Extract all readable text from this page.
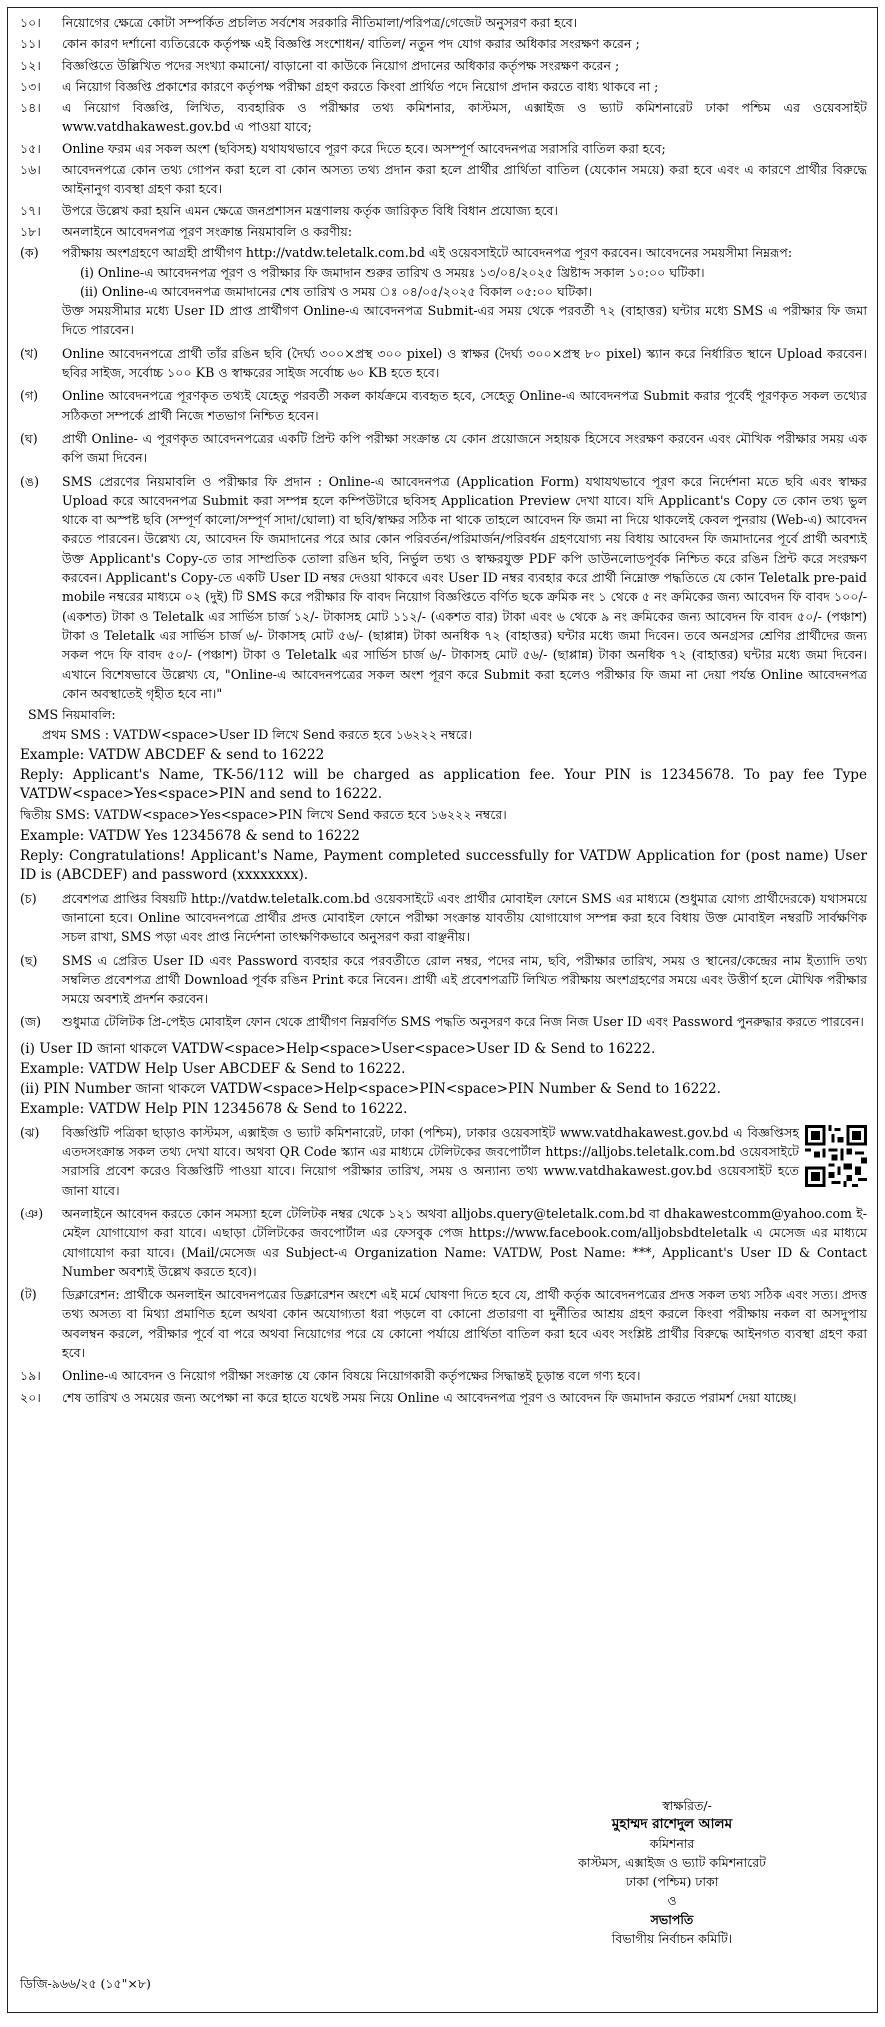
১০।	নিয়োগের ক্ষেত্রে কোটা সম্পর্কিত প্রচলিত সর্বশেষ সরকারি নীতিমালা/পরিপত্র/গেজেট অনুসরণ করা হবে।
১১।	কোন কারণ দর্শানো ব্যতিরেকে কর্তৃপক্ষ এই বিজ্ঞপ্তি সংশোধন/ বাতিল/ নতুন পদ যোগ করার অধিকার সংরক্ষণ করেন ;
১২।	বিজ্ঞপ্তিতে উল্লিখিত পদের সংখ্যা কমানো/ বাড়ানো বা কাউকে নিয়োগ প্রদানের অধিকার কর্তৃপক্ষ সংরক্ষণ করেন ;
১৩।	এ নিয়োগ বিজ্ঞপ্তি প্রকাশের কারণে কর্তৃপক্ষ পরীক্ষা গ্রহণ করতে কিংবা প্রার্থিত পদে নিয়োগ প্রদান করতে বাধ্য থাকবে না ;
১৪।	এ নিয়োগ বিজ্ঞপ্তি, লিখিত, ব্যবহারিক ও পরীক্ষার তথ্য কমিশনার, কাস্টমস, এক্সাইজ ও ভ্যাট কমিশনারেট ঢাকা পশ্চিম এর ওয়েবসাইট www.vatdhakawest.gov.bd এ পাওয়া যাবে;
১৫।	Online ফরম এর সকল অংশ (ছবিসহ) যথাযথভাবে পূরণ করে দিতে হবে। অসম্পূর্ণ আবেদনপত্র সরাসরি বাতিল করা হবে;
১৬।	আবেদনপত্রে কোন তথ্য গোপন করা হলে বা কোন অসত্য তথ্য প্রদান করা হলে প্রার্থীর প্রার্থিতা বাতিল (যেকোন সময়ে) করা হবে এবং এ কারণে প্রার্থীর বিরুদ্ধে আইনানুগ ব্যবস্থা গ্রহণ করা হবে।
১৭।	উপরে উল্লেখ করা হয়নি এমন ক্ষেত্রে জনপ্রশাসন মন্ত্রণালয় কর্তৃক জারিকৃত বিধি বিধান প্রযোজ্য হবে।
১৮।	অনলাইনে আবেদনপত্র পূরণ সংক্রান্ত নিয়মাবলি ও করণীয়:
(ক)	পরীক্ষায় অংশগ্রহণে আগ্রহী প্রার্থীগণ http://vatdw.teletalk.com.bd এই ওয়েবসাইটে আবেদনপত্র পূরণ করবেন। আবেদনের সময়সীমা নিম্নরূপ:
(i) Online-এ আবেদনপত্র পূরণ ও পরীক্ষার ফি জমাদান শুরুর তারিখ ও সময়ঃ ১৩/০৪/২০২৫ খ্রিষ্টাব্দ সকাল ১০:০০ ঘটিকা।
(ii) Online-এ আবেদনপত্র জমাদানের শেষ তারিখ ও সময় ঃ ০৪/০৫/২০২৫ বিকাল ০৫:০০ ঘটিকা।
উক্ত সময়সীমার মধ্যে User ID প্রাপ্ত প্রার্থীগণ Online-এ আবেদনপত্র Submit-এর সময় থেকে পরবর্তী ৭২ (বাহাত্তর) ঘন্টার মধ্যে SMS এ পরীক্ষার ফি জমা দিতে পারবেন।
(খ)	Online আবেদনপত্রে প্রার্থী তাঁর রঙিন ছবি (দৈর্ঘ্য ৩০০×প্রস্থ ৩০০ pixel) ও স্বাক্ষর (দৈর্ঘ্য ৩০০×প্রস্থ ৮০ pixel) স্ক্যান করে নির্ধারিত স্থানে Upload করবেন। ছবির সাইজ, সর্বোচ্চ ১০০ KB ও স্বাক্ষরের সাইজ সর্বোচ্চ ৬০ KB হতে হবে।
(গ)	Online আবেদনপত্রে পূরণকৃত তথ্যই যেহেতু পরবর্তী সকল কার্যক্রমে ব্যবহৃত হবে, সেহেতু Online-এ আবেদনপত্র Submit করার পূর্বেই পূরণকৃত সকল তথ্যের সঠিকতা সম্পর্কে প্রার্থী নিজে শতভাগ নিশ্চিত হবেন।
(ঘ)	প্রার্থী Online- এ পূরণকৃত আবেদনপত্রের একটি প্রিন্ট কপি পরীক্ষা সংক্রান্ত যে কোন প্রয়োজনে সহায়ক হিসেবে সংরক্ষণ করবেন এবং মৌখিক পরীক্ষার সময় এক কপি জমা দিবেন।
(ঙ)	SMS প্রেরণের নিয়মাবলি ও পরীক্ষার ফি প্রদান : Online-এ আবেদনপত্র (Application Form) যথাযথভাবে পূরণ করে নির্দেশনা মতে ছবি এবং স্বাক্ষর Upload করে আবেদনপত্র Submit করা সম্পন্ন হলে কম্পিউটারে ছবিসহ Application Preview দেখা যাবে। যদি Applicant's Copy তে কোন তথ্য ভুল থাকে বা অস্পষ্ট ছবি (সম্পূর্ণ কালো/সম্পূর্ণ সাদা/ঘোলা) বা ছবি/স্বাক্ষর সঠিক না থাকে তাহলে আবেদন ফি জমা না দিয়ে থাকলেই কেবল পুনরায় (Web-এ) আবেদন করতে পারবেন। উল্লেখ্য যে, আবেদন ফি জমাদানের পরে আর কোন পরিবর্তন/পরিমার্জন/পরিবর্ধন গ্রহণযোগ্য নয় বিধায় আবেদন ফি জমাদানের পূর্বে প্রার্থী অবশ্যই উক্ত Applicant's Copy-তে তার সাম্প্রতিক তোলা রঙিন ছবি, নির্ভুল তথ্য ও স্বাক্ষরযুক্ত PDF কপি ডাউনলোডপূর্বক নিশ্চিত করে রঙিন প্রিন্ট করে সংরক্ষণ করবেন। Applicant's Copy-তে একটি User ID নম্বর দেওয়া থাকবে এবং User ID নম্বর ব্যবহার করে প্রার্থী নিম্নোক্ত পদ্ধতিতে যে কোন Teletalk pre-paid mobile নম্বরের মাধ্যমে ০২ (দুই) টি SMS করে পরীক্ষার ফি বাবদ নিয়োগ বিজ্ঞপ্তিতে বর্ণিত ছকে ক্রমিক নং ১ থেকে ৫ নং ক্রমিকের জন্য আবেদন ফি বাবদ ১০০/- (একশত) টাকা ও Teletalk এর সার্ভিস চার্জ ১২/- টাকাসহ মোট ১১২/- (একশত বার) টাকা এবং ৬ থেকে ৯ নং ক্রমিকের জন্য আবেদন ফি বাবদ ৫০/- (পঞ্চাশ) টাকা ও Teletalk এর সার্ভিস চার্জ ৬/- টাকাসহ মোট ৫৬/- (ছাপ্পান্ন) টাকা অনধিক ৭২ (বাহাত্তর) ঘন্টার মধ্যে জমা দিবেন। তবে অনগ্রসর শ্রেণির প্রার্থীদের জন্য সকল পদে ফি বাবদ ৫০/- (পঞ্চাশ) টাকা ও Teletalk এর সার্ভিস চার্জ ৬/- টাকাসহ মোট ৫৬/- (ছাপ্পান্ন) টাকা অনধিক ৭২ (বাহাত্তর) ঘন্টার মধ্যে জমা দিবেন। এখানে বিশেষভাবে উল্লেখ্য যে, "Online-এ আবেদনপত্রের সকল অংশ পূরণ করে Submit করা হলেও পরীক্ষার ফি জমা না দেয়া পর্যন্ত Online আবেদনপত্র কোন অবস্থাতেই গৃহীত হবে না।"
SMS নিয়মাবলি:
প্রথম SMS : VATDW<space>User ID লিখে Send করতে হবে ১৬২২২ নম্বরে।
Example: VATDW ABCDEF & send to 16222
Reply: Applicant's Name, TK-56/112 will be charged as application fee. Your PIN is 12345678. To pay fee Type VATDW<space>Yes<space>PIN and send to 16222.
দ্বিতীয় SMS: VATDW<space>Yes<space>PIN লিখে Send করতে হবে ১৬২২২ নম্বরে।
Example: VATDW Yes 12345678 & send to 16222
Reply: Congratulations! Applicant's Name, Payment completed successfully for VATDW Application for (post name) User ID is (ABCDEF) and password (xxxxxxxx).
(চ)	প্রবেশপত্র প্রাপ্তির বিষয়টি http://vatdw.teletalk.com.bd ওয়েবসাইটে এবং প্রার্থীর মোবাইল ফোনে SMS এর মাধ্যমে (শুধুমাত্র যোগ্য প্রার্থীদেরকে) যথাসময়ে জানানো হবে। Online আবেদনপত্রে প্রার্থীর প্রদত্ত মোবাইল ফোনে পরীক্ষা সংক্রান্ত যাবতীয় যোগাযোগ সম্পন্ন করা হবে বিধায় উক্ত মোবাইল নম্বরটি সার্বক্ষণিক সচল রাখা, SMS পড়া এবং প্রাপ্ত নির্দেশনা তাৎক্ষণিকভাবে অনুসরণ করা বাঞ্ছনীয়।
(ছ)	SMS এ প্রেরিত User ID এবং Password ব্যবহার করে পরবর্তীতে রোল নম্বর, পদের নাম, ছবি, পরীক্ষার তারিখ, সময় ও স্থানের/কেন্দ্রের নাম ইত্যাদি তথ্য সম্বলিত প্রবেশপত্র প্রার্থী Download পূর্বক রঙিন Print করে নিবেন। প্রার্থী এই প্রবেশপত্রটি লিখিত পরীক্ষায় অংশগ্রহণের সময়ে এবং উত্তীর্ণ হলে মৌখিক পরীক্ষার সময়ে অবশ্যই প্রদর্শন করবেন।
(জ)	শুধুমাত্র টেলিটক প্রি-পেইড মোবাইল ফোন থেকে প্রার্থীগণ নিম্নবর্ণিত SMS পদ্ধতি অনুসরণ করে নিজ নিজ User ID এবং Password পুনরুদ্ধার করতে পারবেন।
(i) User ID জানা থাকলে VATDW<space>Help<space>User<space>User ID & Send to 16222.
Example: VATDW Help User ABCDEF & Send to 16222.
(ii) PIN Number জানা থাকলে VATDW<space>Help<space>PIN<space>PIN Number & Send to 16222.
Example: VATDW Help PIN 12345678 & Send to 16222.
(ঝ)	বিজ্ঞপ্তিটি পত্রিকা ছাড়াও কাস্টমস, এক্সাইজ ও ভ্যাট কমিশনারেট, ঢাকা (পশ্চিম), ঢাকার ওয়েবসাইট www.vatdhakawest.gov.bd এ বিজ্ঞপ্তিসহ এতদসংক্রান্ত সকল তথ্য দেখা যাবে। অথবা QR Code স্ক্যান এর মাধ্যমে টেলিটকের জবপোর্টাল https://alljobs.teletalk.com.bd ওয়েবসাইটে সরাসরি প্রবেশ করেও বিজ্ঞপ্তিটি পাওয়া যাবে। নিয়োগ পরীক্ষার তারিখ, সময় ও অন্যান্য তথ্য www.vatdhakawest.gov.bd ওয়েবসাইট হতে জানা যাবে।
(ঞ)	অনলাইনে আবেদন করতে কোন সমস্যা হলে টেলিটক নম্বর থেকে ১২১ অথবা alljobs.query@teletalk.com.bd বা dhakawestcomm@yahoo.com ই-মেইল যোগাযোগ করা যাবে। এছাড়া টেলিটকের জবপোর্টাল এর ফেসবুক পেজ https://www.facebook.com/alljobsbdteletalk এ মেসেজ এর মাধ্যমে যোগাযোগ করা যাবে। (Mail/মেসেজ এর Subject-এ Organization Name: VATDW, Post Name: ***, Applicant's User ID & Contact Number অবশ্যই উল্লেখ করতে হবে)।
(ট)	ডিক্লারেশন: প্রার্থীকে অনলাইন আবেদনপত্রের ডিক্লারেশন অংশে এই মর্মে ঘোষণা দিতে হবে যে, প্রার্থী কর্তৃক আবেদনপত্রের প্রদত্ত সকল তথ্য সঠিক এবং সত্য। প্রদত্ত তথ্য অসত্য বা মিথ্যা প্রমাণিত হলে অথবা কোন অযোগ্যতা ধরা পড়লে বা কোনো প্রতারণা বা দুর্নীতির আশ্রয় গ্রহণ করলে কিংবা পরীক্ষায় নকল বা অসদুপায় অবলম্বন করলে, পরীক্ষার পূর্বে বা পরে অথবা নিয়োগের পরে যে কোনো পর্যায়ে প্রার্থিতা বাতিল করা হবে এবং সংশ্লিষ্ট প্রার্থীর বিরুদ্ধে আইনগত ব্যবস্থা গ্রহণ করা হবে।
১৯।	Online-এ আবেদন ও নিয়োগ পরীক্ষা সংক্রান্ত যে কোন বিষয়ে নিয়োগকারী কর্তৃপক্ষের সিদ্ধান্তই চূড়ান্ত বলে গণ্য হবে।
২০।	শেষ তারিখ ও সময়ের জন্য অপেক্ষা না করে হাতে যথেষ্ট সময় নিয়ে Online এ আবেদনপত্র পূরণ ও আবেদন ফি জমাদান করতে পরামর্শ দেয়া যাচ্ছে।
স্বাক্ষরিত/-
মুহাম্মদ রাশেদুল আলম
কমিশনার
কাস্টমস, এক্সাইজ ও ভ্যাট কমিশনারেট
ঢাকা (পশ্চিম) ঢাকা
ও
সভাপতি
বিভাগীয় নির্বাচন কমিটি।
ডিজি-৯৬৬/২৫ (১৫"×৮)
